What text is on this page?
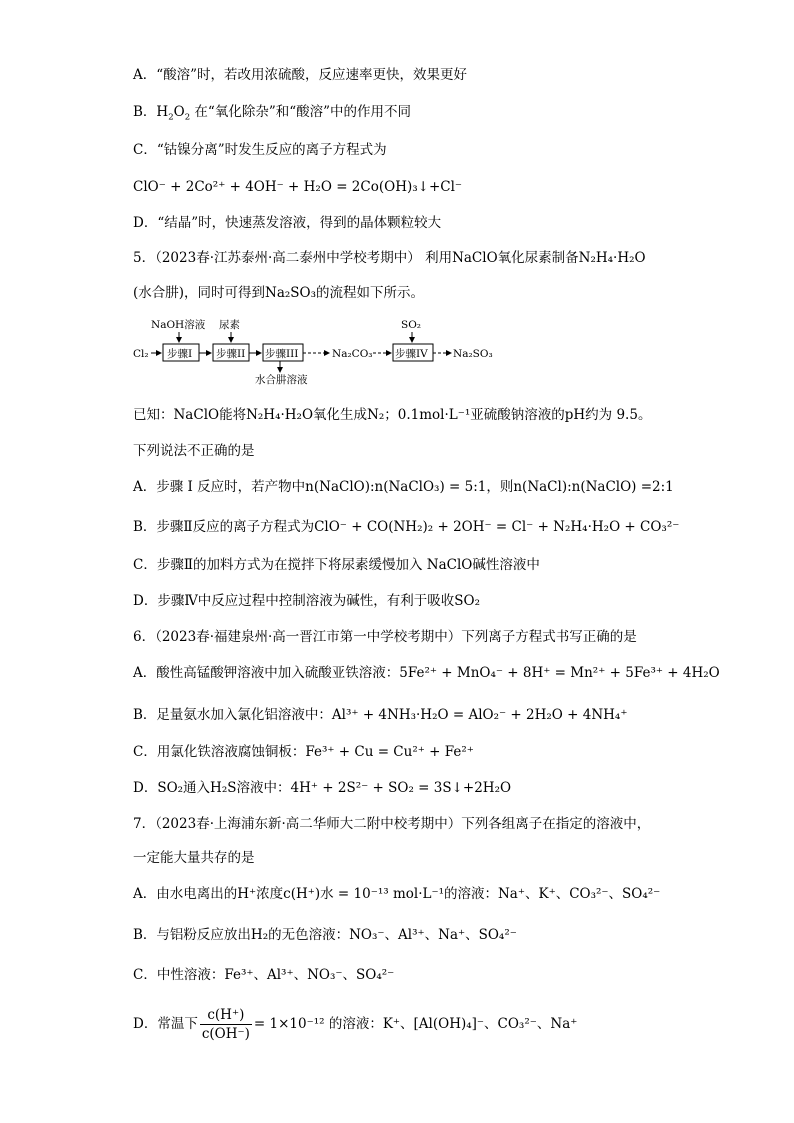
A．“酸溶”时，若改用浓硫酸，反应速率更快，效果更好
B．$H_2O_2$ 在“氧化除杂”和“酸溶”中的作用不同
C．“钴镍分离”时发生反应的离子方程式为
ClO⁻ + 2Co²⁺ + 4OH⁻ + H₂O = 2Co(OH)₃↓+Cl⁻
D．“结晶”时，快速蒸发溶液，得到的晶体颗粒较大
5．（2023春·江苏泰州·高二泰州中学校考期中） 利用NaClO氧化尿素制备N₂H₄·H₂O
(水合肼)，同时可得到Na₂SO₃的流程如下所示。
NaOH溶液 尿素	SO₂
Cl₂ 步骤I 步骤II 步骤III
水合肼溶液
Na₂CO₃ 步骤IV Na₂SO₃
已知：NaClO能将N₂H₄·H₂O氧化生成N₂；0.1mol·L⁻¹亚硫酸钠溶液的pH约为 9.5。
下列说法不正确的是
A．步骤 I 反应时，若产物中n(NaClO):n(NaClO₃) = 5:1，则n(NaCl):n(NaClO) =2:1
B．步骤Ⅱ反应的离子方程式为ClO⁻ + CO(NH₂)₂ + 2OH⁻ = Cl⁻ + N₂H₄·H₂O + CO₃²⁻
C．步骤Ⅱ的加料方式为在搅拌下将尿素缓慢加入 NaClO碱性溶液中
D．步骤Ⅳ中反应过程中控制溶液为碱性，有利于吸收SO₂
6．（2023春·福建泉州·高一晋江市第一中学校考期中）下列离子方程式书写正确的是
A．酸性高锰酸钾溶液中加入硫酸亚铁溶液：5Fe²⁺ + MnO₄⁻ + 8H⁺ = Mn²⁺ + 5Fe³⁺ + 4H₂O
B．足量氨水加入氯化铝溶液中：Al³⁺ + 4NH₃·H₂O = AlO₂⁻ + 2H₂O + 4NH₄⁺
C．用氯化铁溶液腐蚀铜板：Fe³⁺ + Cu = Cu²⁺ + Fe²⁺
D．SO₂通入H₂S溶液中：4H⁺ + 2S²⁻ + SO₂ = 3S↓+2H₂O
7．（2023春·上海浦东新·高二华师大二附中校考期中）下列各组离子在指定的溶液中，
一定能大量共存的是
A．由水电离出的H⁺浓度c(H⁺)水 = 10⁻¹³ mol·L⁻¹的溶液：Na⁺、K⁺、CO₃²⁻、SO₄²⁻
B．与铝粉反应放出H₂的无色溶液：NO₃⁻、Al³⁺、Na⁺、SO₄²⁻
C．中性溶液：Fe³⁺、Al³⁺、NO₃⁻、SO₄²⁻
D．常温下 $\frac{c(H^+)}{c(OH^-)} = 1\times 10^{-12}$ 的溶液：K⁺、[Al(OH)₄]⁻、CO₃²⁻、Na⁺
